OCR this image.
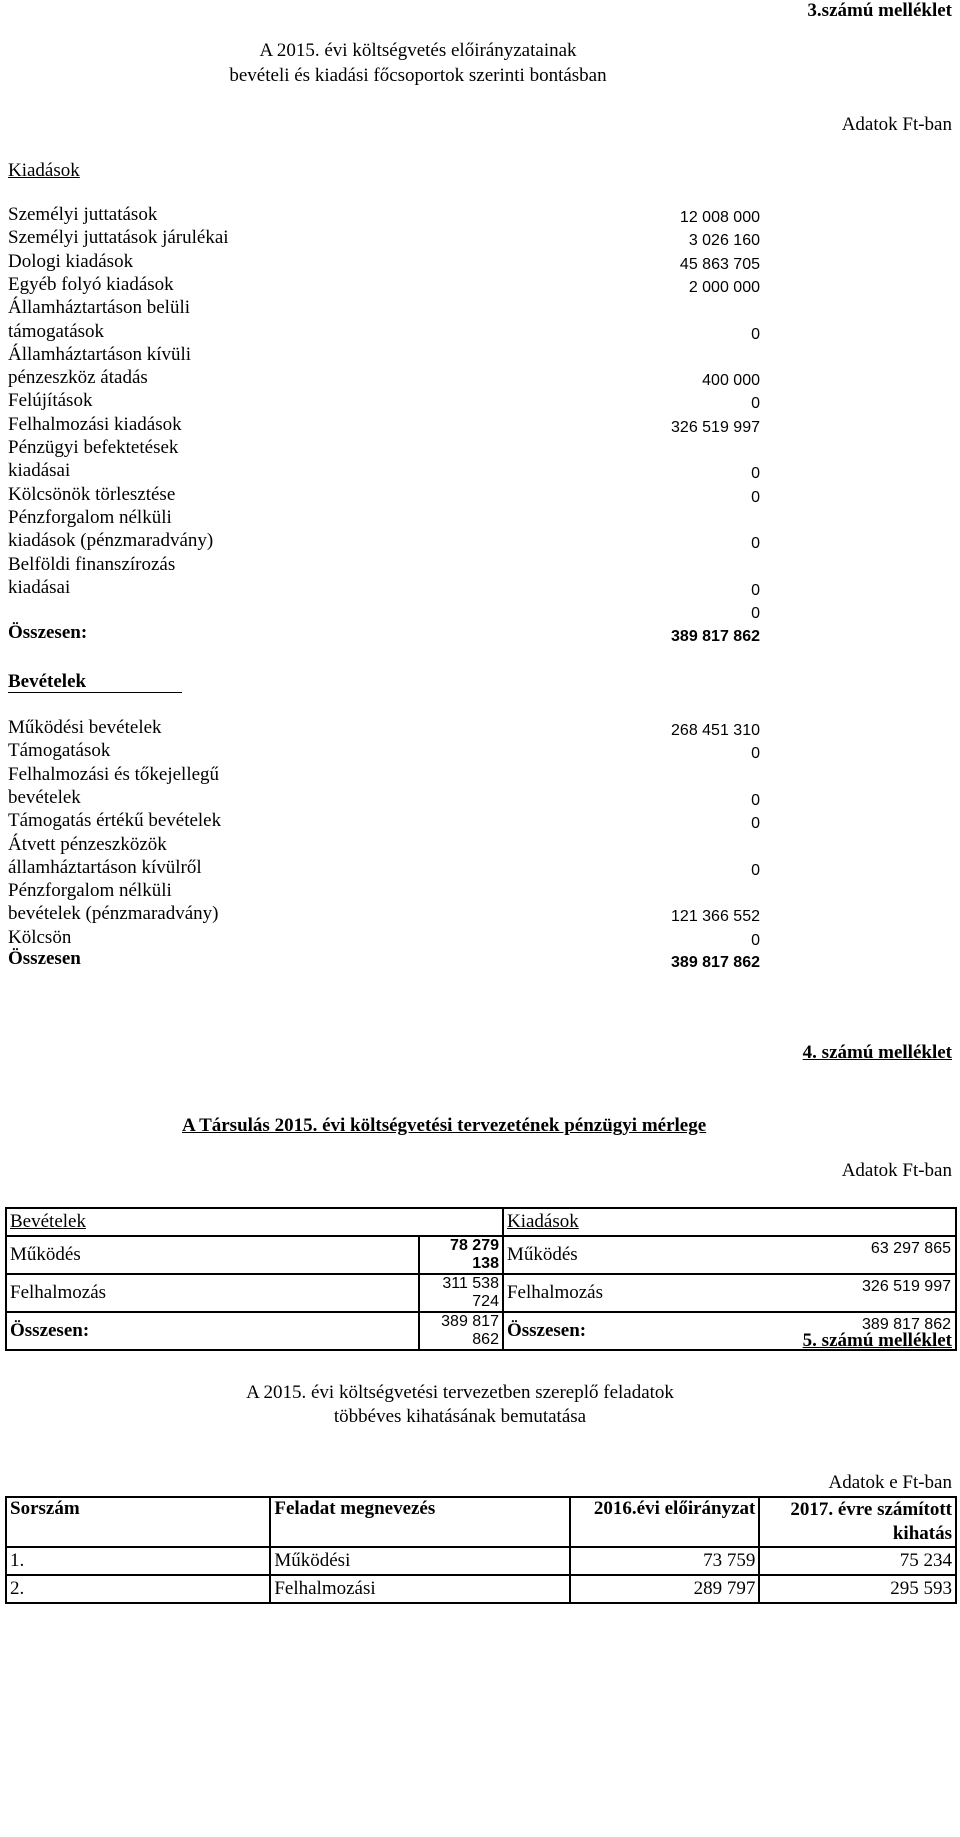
3.számú melléklet
A 2015. évi költségvetés előirányzatainak
bevételi és kiadási főcsoportok szerinti bontásban
Adatok Ft-ban
Kiadások
Személyi juttatások	12 008 000
Személyi juttatások járulékai	3 026 160
Dologi kiadások	45 863 705
Egyéb folyó kiadások	2 000 000
Államháztartáson belüli
támogatások	0
Államháztartáson kívüli
pénzeszköz átadás	400 000
Felújítások	0
Felhalmozási kiadások	326 519 997
Pénzügyi befektetések
kiadásai	0
Kölcsönök törlesztése	0
Pénzforgalom nélküli
kiadások (pénzmaradvány)	0
Belföldi finanszírozás
kiadásai	0
0
Összesen:	389 817 862
Bevételek
Működési bevételek	268 451 310
Támogatások	0
Felhalmozási és tőkejellegű
bevételek	0
Támogatás értékű bevételek	0
Átvett pénzeszközök
államháztartáson kívülről	0
Pénzforgalom nélküli
bevételek (pénzmaradvány)	121 366 552
Kölcsön	0
Összesen	389 817 862
4. számú melléklet
A Társulás 2015. évi költségvetési tervezetének pénzügyi mérlege
Adatok Ft-ban
Bevételek		Kiadások
Működés	78 279 138	Működés 63 297 865

Felhalmozás	311 538 724	Felhalmozás 326 519 997

Összesen:	389 817 862	Összesen: 389 817 862
5. számú melléklet
A 2015. évi költségvetési tervezetben szereplő feladatok
többéves kihatásának bemutatása
Adatok e Ft-ban
Sorszám	Feladat megnevezés	2016.évi előirányzat	2017. évre számított
kihatás

1.	Működési	73 759	75 234
2.	Felhalmozási	289 797	295 593
